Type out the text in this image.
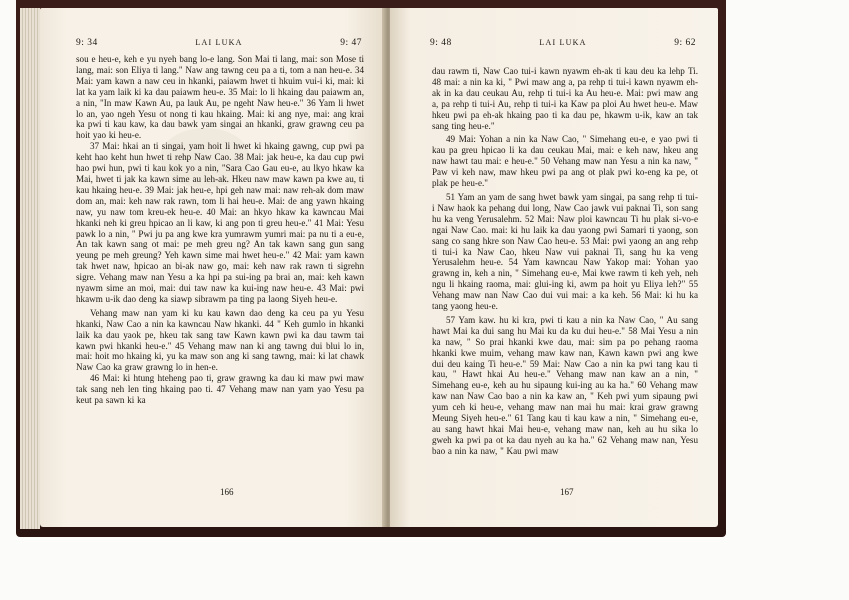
9: 34	LAI LUKA	9: 47

sou e heu-e, keh e yu nyeh bang lo-e lang. Son Mai ti lang, mai: son Mose ti lang, mai: son Eliya ti lang." Naw ang tawng ceu pa a ti, tom a nan heu-e. 34 Mai: yam kawn a naw ceu in hkanki, paiawm hwet ti hkuim vui-i ki, mai: ki lat ka yam laik ki ka dau paiawm heu-e. 35 Mai: lo li hkaing dau paiawm an, a nin, "In maw Kawn Au, pa lauk Au, pe ngeht Naw heu-e." 36 Yam li hwet lo an, yao ngeh Yesu ot nong ti kau hkaing. Mai: ki ang nye, mai: ang krai ka pwi ti kau kaw, ka dau bawk yam singai an hkanki, graw grawng ceu pa hoit yao ki heu-e.

37 Mai: hkai an ti singai, yam hoit li hwet ki hkaing gawng, cup pwi pa keht hao keht hun hwet ti rehp Naw Cao. 38 Mai: jak heu-e, ka dau cup pwi hao pwi hun, pwi ti kau kok yo a nin, "Sara Cao Gau eu-e, au lkyo hkaw ka Mai, hwet ti jak ka kawn sime au leh-ak. Hkeu naw maw kawn pa kwe au, ti kau hkaing heu-e. 39 Mai: jak heu-e, hpi geh naw mai: naw reh-ak dom maw dom an, mai: keh naw rak rawn, tom li hai heu-e. Mai: de ang yawn hkaing naw, yu naw tom kreu-ek heu-e. 40 Mai: an hkyo hkaw ka kawncau Mai hkanki neh ki greu hpicao an li kaw, ki ang pon ti greu heu-e." 41 Mai: Yesu pawk lo a nin, " Pwi ju pa ang kwe kra yumrawm yumri mai: pa nu ti a eu-e, An tak kawn sang ot mai: pe meh greu ng? An tak kawn sang gun sang yeung pe meh greung? Yeh kawn sime mai hwet heu-e." 42 Mai: yam kawn tak hwet naw, hpicao an bi-ak naw go, mai: keh naw rak rawn ti sigrehn sigre. Vehang maw nan Yesu a ka hpi pa sui-ing pa brai an, mai: keh kawn nyawm sime an moi, mai: dui taw naw ka kui-ing naw heu-e. 43 Mai: pwi hkawm u-ik dao deng ka siawp sibrawm pa ting pa laong Siyeh heu-e.

Vehang maw nan yam ki ku kau kawn dao deng ka ceu pa yu Yesu hkanki, Naw Cao a nin ka kawncau Naw hkanki. 44 " Keh gumlo in hkanki laik ka dau yaok pe, hkeu tak sang taw Kawn kawn pwi ka dau tawm tai kawn pwi hkanki heu-e." 45 Vehang maw nan ki ang tawng dui blui lo in, mai: hoit mo hkaing ki, yu ka maw son ang ki sang tawng, mai: ki lat chawk Naw Cao ka graw grawng lo in hen-e.

46 Mai: ki htung hteheng pao ti, graw grawng ka dau ki maw pwi maw tak sang neh len ting hkaing pao ti. 47 Vehang maw nan yam yao Yesu pa keut pa sawn ki ka

166
9: 48	LAI LUKA	9: 62

dau rawm ti, Naw Cao tui-i kawn nyawm eh-ak ti kau deu ka lehp Ti. 48 mai: a nin ka ki, " Pwi maw ang a, pa rehp ti tui-i kawn nyawm eh-ak in ka dau ceukau Au, rehp ti tui-i ka Au heu-e. Mai: pwi maw ang a, pa rehp ti tui-i Au, rehp ti tui-i ka Kaw pa ploi Au hwet heu-e. Maw hkeu pwi pa eh-ak hkaing pao ti ka dau pe, hkawm u-ik, kaw an tak sang ting heu-e."

49 Mai: Yohan a nin ka Naw Cao, " Simehang eu-e, e yao pwi ti kau pa greu hpicao li ka dau ceukau Mai, mai: e keh naw, hkeu ang naw hawt tau mai: e heu-e." 50 Vehang maw nan Yesu a nin ka naw, " Paw vi keh naw, maw hkeu pwi pa ang ot plak pwi ko-eng ka pe, ot plak pe heu-e."

51 Yam an yam de sang hwet bawk yam singai, pa sang rehp ti tui-i Naw haok ka pehang dui long, Naw Cao jawk vui paknai Ti, son sang hu ka veng Yerusalehm. 52 Mai: Naw ploi kawncau Ti hu plak si-vo-e ngai Naw Cao. mai: ki hu laik ka dau yaong pwi Samari ti yaong, son sang co sang hkre son Naw Cao heu-e. 53 Mai: pwi yaong an ang rehp ti tui-i ka Naw Cao, hkeu Naw vui paknai Ti, sang hu ka veng Yerusalehm heu-e. 54 Yam kawncau Naw Yakop mai: Yohan yao grawng in, keh a nin, " Simehang eu-e, Mai kwe rawm ti keh yeh, neh ngu li hkaing raoma, mai: glui-ing ki, awm pa hoit yu Eliya leh?" 55 Vehang maw nan Naw Cao dui vui mai: a ka keh. 56 Mai: ki hu ka tang yaong heu-e.

57 Yam kaw. hu ki kra, pwi ti kau a nin ka Naw Cao, " Au sang hawt Mai ka dui sang hu Mai ku da ku dui heu-e." 58 Mai Yesu a nin ka naw, " So prai hkanki kwe dau, mai: sim pa po pehang raoma hkanki kwe muim, vehang maw kaw nan, Kawn kawn pwi ang kwe dui deu kaing Ti heu-e." 59 Mai: Naw Cao a nin ka pwi tang kau ti kau, " Hawt hkai Au heu-e." Vehang maw nan kaw an a nin, " Simehang eu-e, keh au hu sipaung kui-ing au ka ha." 60 Vehang maw kaw nan Naw Cao bao a nin ka kaw an, " Keh pwi yum sipaung pwi yum ceh ki heu-e, vehang maw nan mai hu mai: krai graw grawng Meung Siyeh heu-e." 61 Tang kau ti kau kaw a nin, " Simehang eu-e, au sang hawt hkai Mai heu-e, vehang maw nan, keh au hu sika lo gweh ka pwi pa ot ka dau nyeh au ka ha." 62 Vehang maw nan, Yesu bao a nin ka naw, " Kau pwi maw

167
